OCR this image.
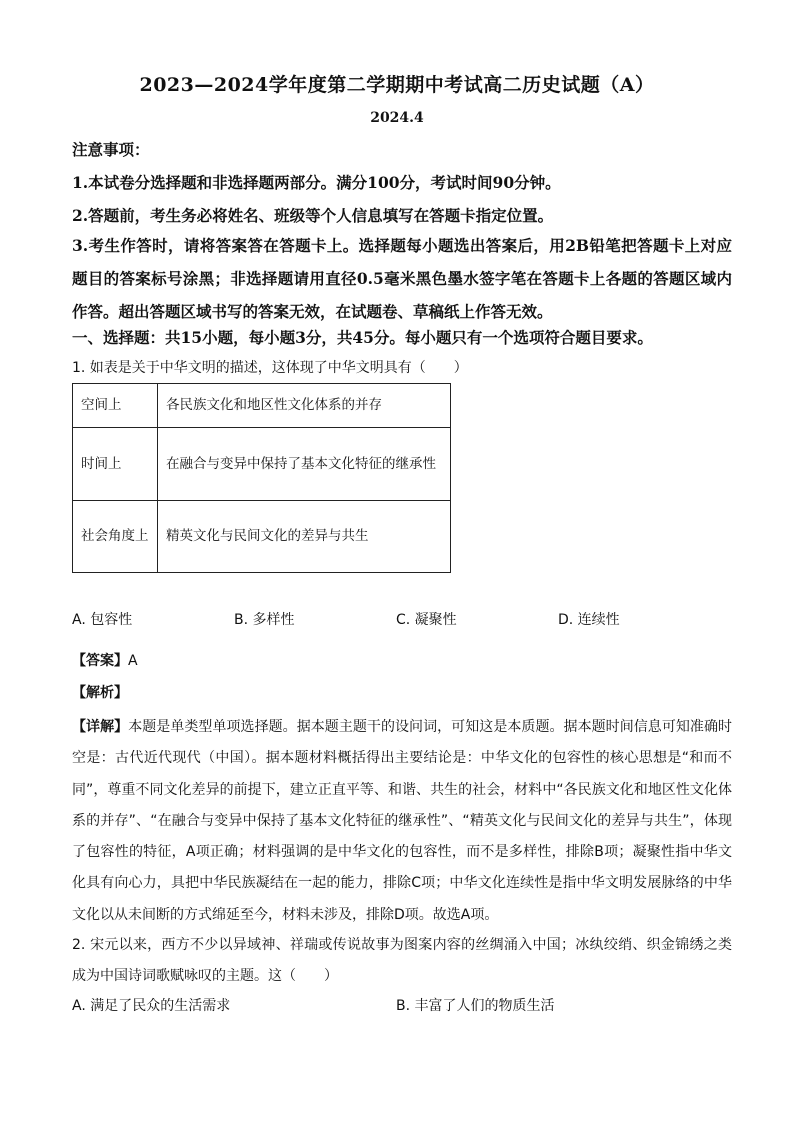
2023—2024学年度第二学期期中考试高二历史试题（A）
2024.4
注意事项：
1.本试卷分选择题和非选择题两部分。满分100分，考试时间90分钟。
2.答题前，考生务必将姓名、班级等个人信息填写在答题卡指定位置。
3.考生作答时，请将答案答在答题卡上。选择题每小题选出答案后，用2B铅笔把答题卡上对应题目的答案标号涂黑；非选择题请用直径0.5毫米黑色墨水签字笔在答题卡上各题的答题区域内作答。超出答题区域书写的答案无效，在试题卷、草稿纸上作答无效。
一、选择题：共15小题，每小题3分，共45分。每小题只有一个选项符合题目要求。
1. 如表是关于中华文明的描述，这体现了中华文明具有（　　）
空间上	各民族文化和地区性文化体系的并存
时间上	在融合与变异中保持了基本文化特征的继承性
社会角度上	精英文化与民间文化的差异与共生
A. 包容性	B. 多样性	C. 凝聚性	D. 连续性
【答案】A
【解析】
【详解】本题是单类型单项选择题。据本题主题干的设问词，可知这是本质题。据本题时间信息可知准确时空是：古代近代现代（中国）。据本题材料概括得出主要结论是：中华文化的包容性的核心思想是“和而不同”，尊重不同文化差异的前提下，建立正直平等、和谐、共生的社会，材料中“各民族文化和地区性文化体系的并存”、“在融合与变异中保持了基本文化特征的继承性”、“精英文化与民间文化的差异与共生”，体现了包容性的特征，A项正确；材料强调的是中华文化的包容性，而不是多样性，排除B项；凝聚性指中华文化具有向心力，具把中华民族凝结在一起的能力，排除C项；中华文化连续性是指中华文明发展脉络的中华文化以从未间断的方式绵延至今，材料未涉及，排除D项。故选A项。
2. 宋元以来，西方不少以异域神、祥瑞或传说故事为图案内容的丝绸涌入中国；冰纨绞绡、织金锦绣之类成为中国诗词歌赋咏叹的主题。这（　　）
A. 满足了民众的生活需求	B. 丰富了人们的物质生活
